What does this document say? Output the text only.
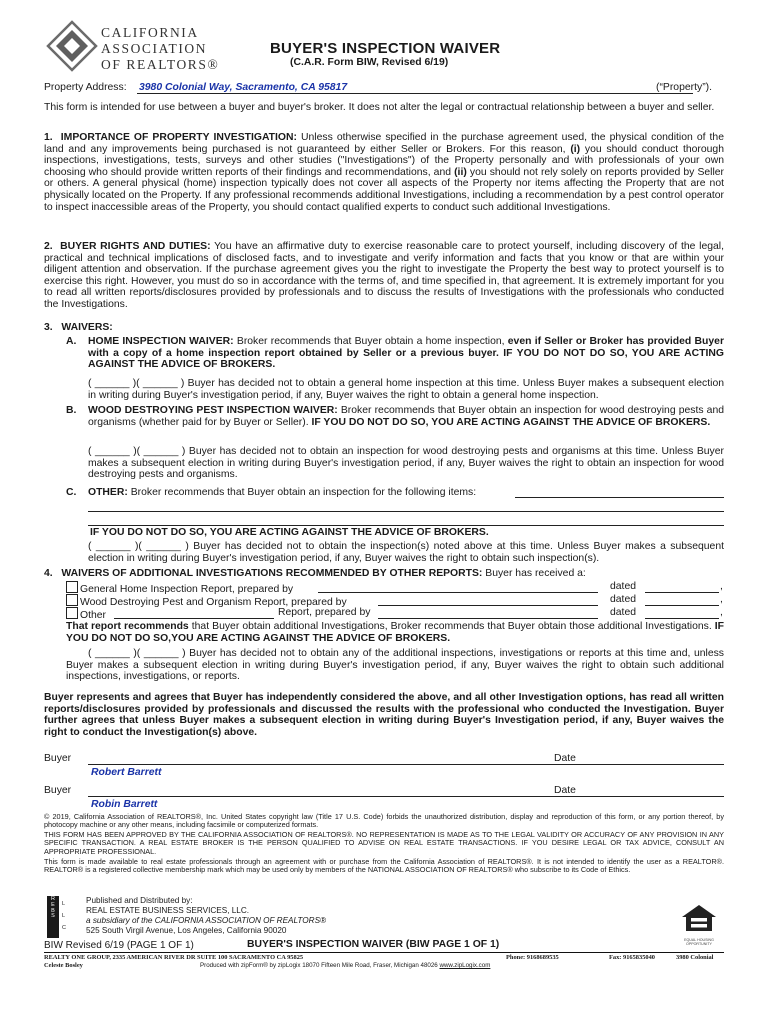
CALIFORNIA
ASSOCIATION
OF REALTORS®
BUYER'S INSPECTION WAIVER
(C.A.R. Form BIW, Revised 6/19)
Property Address: 3980 Colonial Way, Sacramento, CA 95817	(“Property”).
This form is intended for use between a buyer and buyer's broker. It does not alter the legal or contractual relationship between a buyer and seller.
1. IMPORTANCE OF PROPERTY INVESTIGATION: Unless otherwise specified in the purchase agreement used, the physical condition of the land and any improvements being purchased is not guaranteed by either Seller or Brokers. For this reason, (i) you should conduct thorough inspections, investigations, tests, surveys and other studies ("Investigations") of the Property personally and with professionals of your own choosing who should provide written reports of their findings and recommendations, and (ii) you should not rely solely on reports provided by Seller or others. A general physical (home) inspection typically does not cover all aspects of the Property nor items affecting the Property that are not physically located on the Property. If any professional recommends additional Investigations, including a recommendation by a pest control operator to inspect inaccessible areas of the Property, you should contact qualified experts to conduct such additional Investigations.
2. BUYER RIGHTS AND DUTIES: You have an affirmative duty to exercise reasonable care to protect yourself, including discovery of the legal, practical and technical implications of disclosed facts, and to investigate and verify information and facts that you know or that are within your diligent attention and observation. If the purchase agreement gives you the right to investigate the Property the best way to protect yourself is to exercise this right. However, you must do so in accordance with the terms of, and time specified in, that agreement. It is extremely important for you to read all written reports/disclosures provided by professionals and to discuss the results of Investigations with the professionals who conducted the Investigations.
3. WAIVERS:
A. HOME INSPECTION WAIVER: Broker recommends that Buyer obtain a home inspection, even if Seller or Broker has provided Buyer with a copy of a home inspection report obtained by Seller or a previous buyer. IF YOU DO NOT DO SO, YOU ARE ACTING AGAINST THE ADVICE OF BROKERS.
( ______ )( ______ ) Buyer has decided not to obtain a general home inspection at this time. Unless Buyer makes a subsequent election in writing during Buyer's investigation period, if any, Buyer waives the right to obtain a general home inspection.
B. WOOD DESTROYING PEST INSPECTION WAIVER: Broker recommends that Buyer obtain an inspection for wood destroying pests and organisms (whether paid for by Buyer or Seller). IF YOU DO NOT DO SO, YOU ARE ACTING AGAINST THE ADVICE OF BROKERS.
( ______ )( ______ ) Buyer has decided not to obtain an inspection for wood destroying pests and organisms at this time. Unless Buyer makes a subsequent election in writing during Buyer's investigation period, if any, Buyer waives the right to obtain an inspection for wood destroying pests and organisms.
C. OTHER: Broker recommends that Buyer obtain an inspection for the following items:
IF YOU DO NOT DO SO, YOU ARE ACTING AGAINST THE ADVICE OF BROKERS.
( ______ )( ______ ) Buyer has decided not to obtain the inspection(s) noted above at this time. Unless Buyer makes a subsequent election in writing during Buyer's investigation period, if any, Buyer waives the right to obtain such inspection(s).
4. WAIVERS OF ADDITIONAL INVESTIGATIONS RECOMMENDED BY OTHER REPORTS: Buyer has received a:
General Home Inspection Report, prepared by	dated	,
Wood Destroying Pest and Organism Report, prepared by	dated	,
Other	Report, prepared by	dated	,
That report recommends that Buyer obtain additional Investigations, Broker recommends that Buyer obtain those additional Investigations. IF YOU DO NOT DO SO,YOU ARE ACTING AGAINST THE ADVICE OF BROKERS.
( ______ )( ______ ) Buyer has decided not to obtain any of the additional inspections, investigations or reports at this time and, unless Buyer makes a subsequent election in writing during Buyer's investigation period, if any, Buyer waives the right to obtain such additional inspections, investigations, or reports.
Buyer represents and agrees that Buyer has independently considered the above, and all other Investigation options, has read all written reports/disclosures provided by professionals and discussed the results with the professional who conducted the Investigation. Buyer further agrees that unless Buyer makes a subsequent election in writing during Buyer's Investigation period, if any, Buyer waives the right to conduct the Investigation(s) above.
Buyer	Date
Robert Barrett
Buyer	Date
Robin Barrett
© 2019, California Association of REALTORS®, Inc. United States copyright law (Title 17 U.S. Code) forbids the unauthorized distribution, display and reproduction of this form, or any portion thereof, by photocopy machine or any other means, including facsimile or computerized formats.
THIS FORM HAS BEEN APPROVED BY THE CALIFORNIA ASSOCIATION OF REALTORS®. NO REPRESENTATION IS MADE AS TO THE LEGAL VALIDITY OR ACCURACY OF ANY PROVISION IN ANY SPECIFIC TRANSACTION. A REAL ESTATE BROKER IS THE PERSON QUALIFIED TO ADVISE ON REAL ESTATE TRANSACTIONS. IF YOU DESIRE LEGAL OR TAX ADVICE, CONSULT AN APPROPRIATE PROFESSIONAL.
This form is made available to real estate professionals through an agreement with or purchase from the California Association of REALTORS®. It is not intended to identify the user as a REALTOR®. REALTOR® is a registered collective membership mark which may be used only by members of the NATIONAL ASSOCIATION OF REALTORS® who subscribe to its Code of Ethics.
R
E
B
S
L
L
C
Published and Distributed by:
REAL ESTATE BUSINESS SERVICES, LLC.
a subsidiary of the CALIFORNIA ASSOCIATION OF REALTORS®
525 South Virgil Avenue, Los Angeles, California 90020
EQUAL HOUSING OPPORTUNITY
BIW Revised 6/19 (PAGE 1 OF 1)	BUYER'S INSPECTION WAIVER (BIW PAGE 1 OF 1)
REALTY ONE GROUP, 2335 AMERICAN RIVER DR SUITE 100 SACRAMENTO CA 95825	Phone: 9168689535	Fax: 9165835040	3980 Colonial
Celeste Bosley	Produced with zipForm® by zipLogix 18070 Fifteen Mile Road, Fraser, Michigan 48026 www.zipLogix.com
